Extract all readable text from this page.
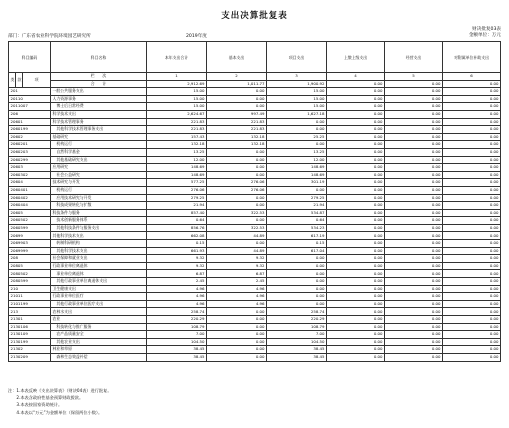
支出决算批复表
财决批复03表
金额单位：万元
部门：广东省农业科学院环境园艺研究所	2019年度
科目编码			科目名称	本年支出合计	基本支出	项目支出	上缴上级支出	经营支出	对附属单位补助支出
类	款	项	栏　　次	1	2	3	4	5	6
			合　　计	2,912.69	1,011.77	1,900.92	0.00	0.00	0.00
201			一般公共服务支出	15.00	0.00	15.00	0.00	0.00	0.00
20110			人力资源事务	15.00	0.00	15.00	0.00	0.00	0.00
2011007			　博士后日常经费	15.00	0.00	15.00	0.00	0.00	0.00
206			科学技术支出	2,624.67	997.49	1,627.18	0.00	0.00	0.00
20601			科学技术管理事务	221.83	221.83	0.00	0.00	0.00	0.00
2060199			　其他科学技术管理事务支出	221.83	221.83	0.00	0.00	0.00	0.00
20602			基础研究	157.43	132.18	25.25	0.00	0.00	0.00
2060201			　机构运行	132.18	132.18	0.00	0.00	0.00	0.00
2060203			　自然科学基金	13.25	0.00	13.25	0.00	0.00	0.00
2060299			　其他基础研究支出	12.00	0.00	12.00	0.00	0.00	0.00
20603			应用研究	148.69	0.00	148.69	0.00	0.00	0.00
2060302			　社会公益研究	148.69	0.00	148.69	0.00	0.00	0.00
20604			技术研究与开发	577.25	276.06	301.19	0.00	0.00	0.00
2060401			　机构运行	276.06	276.06	0.00	0.00	0.00	0.00
2060402			　应用技术研究与开发	279.25	0.00	279.25	0.00	0.00	0.00
2060404			　科技成果转化与扩散	21.94	0.00	21.94	0.00	0.00	0.00
20605			科技条件与服务	857.40	322.53	534.87	0.00	0.00	0.00
2060502			　技术创新服务体系	0.64	0.00	0.64	0.00	0.00	0.00
2060599			　其他科技条件与服务支出	856.76	322.53	534.23	0.00	0.00	0.00
20699			其他科学技术支出	662.08	44.89	617.19	0.00	0.00	0.00
2069903			　转制科研机构	0.15	0.00	0.15	0.00	0.00	0.00
2069999			　其他科学技术支出	661.93	44.89	617.04	0.00	0.00	0.00
208			社会保障和就业支出	9.32	9.32	0.00	0.00	0.00	0.00
20805			行政事业单位离退休	9.32	9.32	0.00	0.00	0.00	0.00
2080502			　事业单位离退休	6.87	6.87	0.00	0.00	0.00	0.00
2080599			　其他行政事业单位离退休支出	2.45	2.45	0.00	0.00	0.00	0.00
210			卫生健康支出	4.96	4.96	0.00	0.00	0.00	0.00
21011			行政事业单位医疗	4.96	4.96	0.00	0.00	0.00	0.00
2101199			　其他行政事业单位医疗支出	4.96	4.96	0.00	0.00	0.00	0.00
213			农林水支出	258.74	0.00	258.74	0.00	0.00	0.00
21301			农业	220.29	0.00	220.29	0.00	0.00	0.00
2130106			　科技转化与推广服务	108.79	0.00	108.79	0.00	0.00	0.00
2130109			　农产品质量安全	7.00	0.00	7.00	0.00	0.00	0.00
2130199			　其他农业支出	104.50	0.00	104.50	0.00	0.00	0.00
21302			林业和草原	38.45	0.00	38.45	0.00	0.00	0.00
2130209			　森林生态效益补偿	38.45	0.00	38.45	0.00	0.00	0.00
注：1.本表反映《支出决算表》（财决04表）进行批复。
　　2.本表含政府性基金预算财政拨款。
　　3.本表按国家资助统计。
　　4.本表以“万元”为金额单位（保留两位小数）。
